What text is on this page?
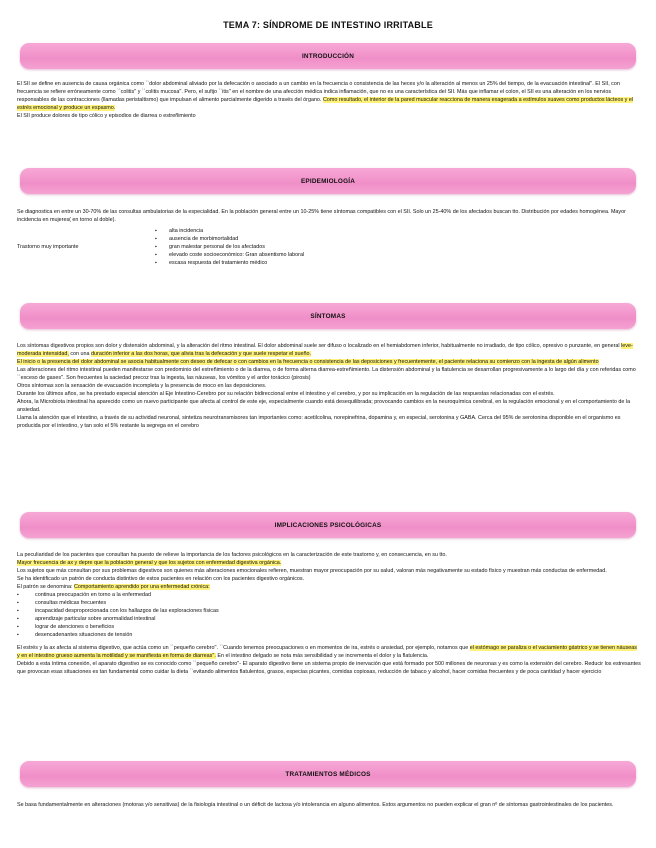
TEMA 7: SÍNDROME DE INTESTINO IRRITABLE
INTRODUCCIÓN

El SII se define en ausencia de causa orgánica como ``dolor abdominal aliviado por la defecación o asociado a un cambio en la frecuencia o consistencia de las heces y/o la alteración al menos un 25% del tiempo, de la evacuación intestinal''. El SII, con frecuencia se refiere erróneamente como ``colitis'' y ``colitis mucosa''. Pero, el sufijo ``itis'' en el nombre de una afección médica indica inflamación, que no es una característica del SII. Más que inflamar el colon, el SII es una alteración en los nervios responsables de las contracciones (llamadas peristaltismo) que impulsan el alimento parcialmente digerido a través del órgano. Como resultado, el interior de la pared muscular reacciona de manera exagerada a estímulos suaves como productos lácteos y el estrés emocional y produce un espasmo.

El SII produce dolores de tipo cólico y episodios de diarrea o estreñimiento

EPIDEMIOLOGÍA

Se diagnostica en entre un 30-70% de las consultas ambulatorias de la especialidad. En la población general entre un 10-25% tiene síntomas compatibles con el SII. Solo un 25-40% de los afectados buscan tto. Distribución por edades homogénea. Mayor incidencia en mujeres( en torno al doble).

Trastorno muy importante
▪ alta incidencia
▪ ausencia de morbimortalidad
▪ gran malestar personal de los afectados
▪ elevado coste socioeconómico: Gran absentismo laboral
▪ escasa respuesta del tratamiento médico
SÍNTOMAS

Los síntomas digestivos propios son dolor y distensión abdominal, y la alteración del ritmo intestinal. El dolor abdominal suele ser difuso o localizado en el hemiabdomen inferior, habitualmente no irradiado, de tipo cólico, opresivo o punzante, en general leve-moderada intensidad, con una duración inferior a las dos horas, que alivia tras la defecación y que suele respetar el sueño.

El inicio o la presencia del dolor abdominal se asocia habitualmente con deseo de defecar o con cambios en la frecuencia o consistencia de las deposiciones y frecuentemente, el paciente relaciona su comienzo con la ingesta de algún alimento

Las alteraciones del ritmo intestinal pueden manifestarse con predominio del estreñimiento o de la diarrea, o de forma alterna diarrea-estreñimiento. La distensión abdominal y la flatulencia se desarrollan progresivamente a lo largo del día y con referidas como ``exceso de gases''. Son frecuentes la saciedad precoz tras la ingesta, las náuseas, los vómitos y el ardor torácico (pirosis)

Otros síntomas son la sensación de evacuación incompleta y la presencia de moco en las deposiciones.

Durante los últimos años, se ha prestado especial atención al Eje Intestino-Cerebro por su relación bidireccional entre el intestino y el cerebro, y por su implicación en la regulación de las respuestas relacionadas con el estrés.

Ahora, la Microbiota intestinal ha aparecido como un nuevo participante que afecta al control de este eje, especialmente cuando está desequilibrada; provocando cambios en la neuroquímica cerebral, en la regulación emocional y en el comportamiento de la ansiedad.

Llama la atención que el intestino, a través de su actividad neuronal, sintetiza neurotransmisores tan importantes como: acetilcolina, norepinefrina, dopamina y, en especial, serotonina y GABA. Cerca del 95% de serotonina disponible en el organismo es producida por el intestino, y tan solo el 5% restante la segrega en el cerebro

IMPLICACIONES PSICOLÓGICAS

La peculiaridad de los pacientes que consultan ha puesto de relieve la importancia de los factores psicológicos en la caracterización de este trastorno y, en consecuencia, en su tto.

Mayor frecuencia de ax y depre que la población general y que los sujetos con enfermedad digestiva orgánica.

Los sujetos que más consultan por sus problemas digestivos son quienes más alteraciones emocionales refieren, muestran mayor preocupación por su salud, valoran más negativamente su estado físico y muestran más conductas de enfermedad.

Se ha identificado un patrón de conducta distintivo de estos pacientes en relación con los pacientes digestivo orgánicos.

El patrón se denomina: Comportamiento aprendido por una enfermedad crónica:

▪ continua preocupación en torno a la enfermedad
▪ consultas médicas frecuentes
▪ incapacidad desproporcionada con los hallazgos de las exploraciones físicas
▪ aprendizaje particular sobre anormalidad intestinal
▪ lograr de atenciones o beneficios
▪ desencadenantes situaciones de tensión

El estrés y la ax afecta al sistema digestivo, que actúa como un ``pequeño cerebro''. ``Cuando tenemos preocupaciones o en momentos de ira, estrés o ansiedad, por ejemplo, notamos que el estómago se paraliza o el vaciamiento gástrico y se tienen náuseas y en el intestino grueso aumenta la motilidad y se manifiesta en forma de diarreas''. En el intestino delgado se nota más sensibilidad y se incrementa el dolor y la flatulencia.

Debido a esta íntima conexión, el aparato digestivo se es conocido como ``pequeño cerebro''- El aparato digestivo tiene un sistema propio de inervación que está formado por 500 millones de neuronas y es como la extensión del cerebro. Reducir los estresantes que provocan esas situaciones es tan fundamental como cuidar la dieta ``evitando alimentos flatulentos, grasos, especias picantes, comidas copiosas, reducción de tabaco y alcohol, hacer comidas frecuentes y de poca cantidad y hacer ejercicio

TRATAMIENTOS MÉDICOS

Se basa fundamentalmente en alteraciones (motoras y/o sensitivas) de la fisiología intestinal o un déficit de lactosa y/o intolerancia en alguno alimentos. Estos argumentos no pueden explicar el gran nº de síntomas gastrointestinales de los pacientes.
